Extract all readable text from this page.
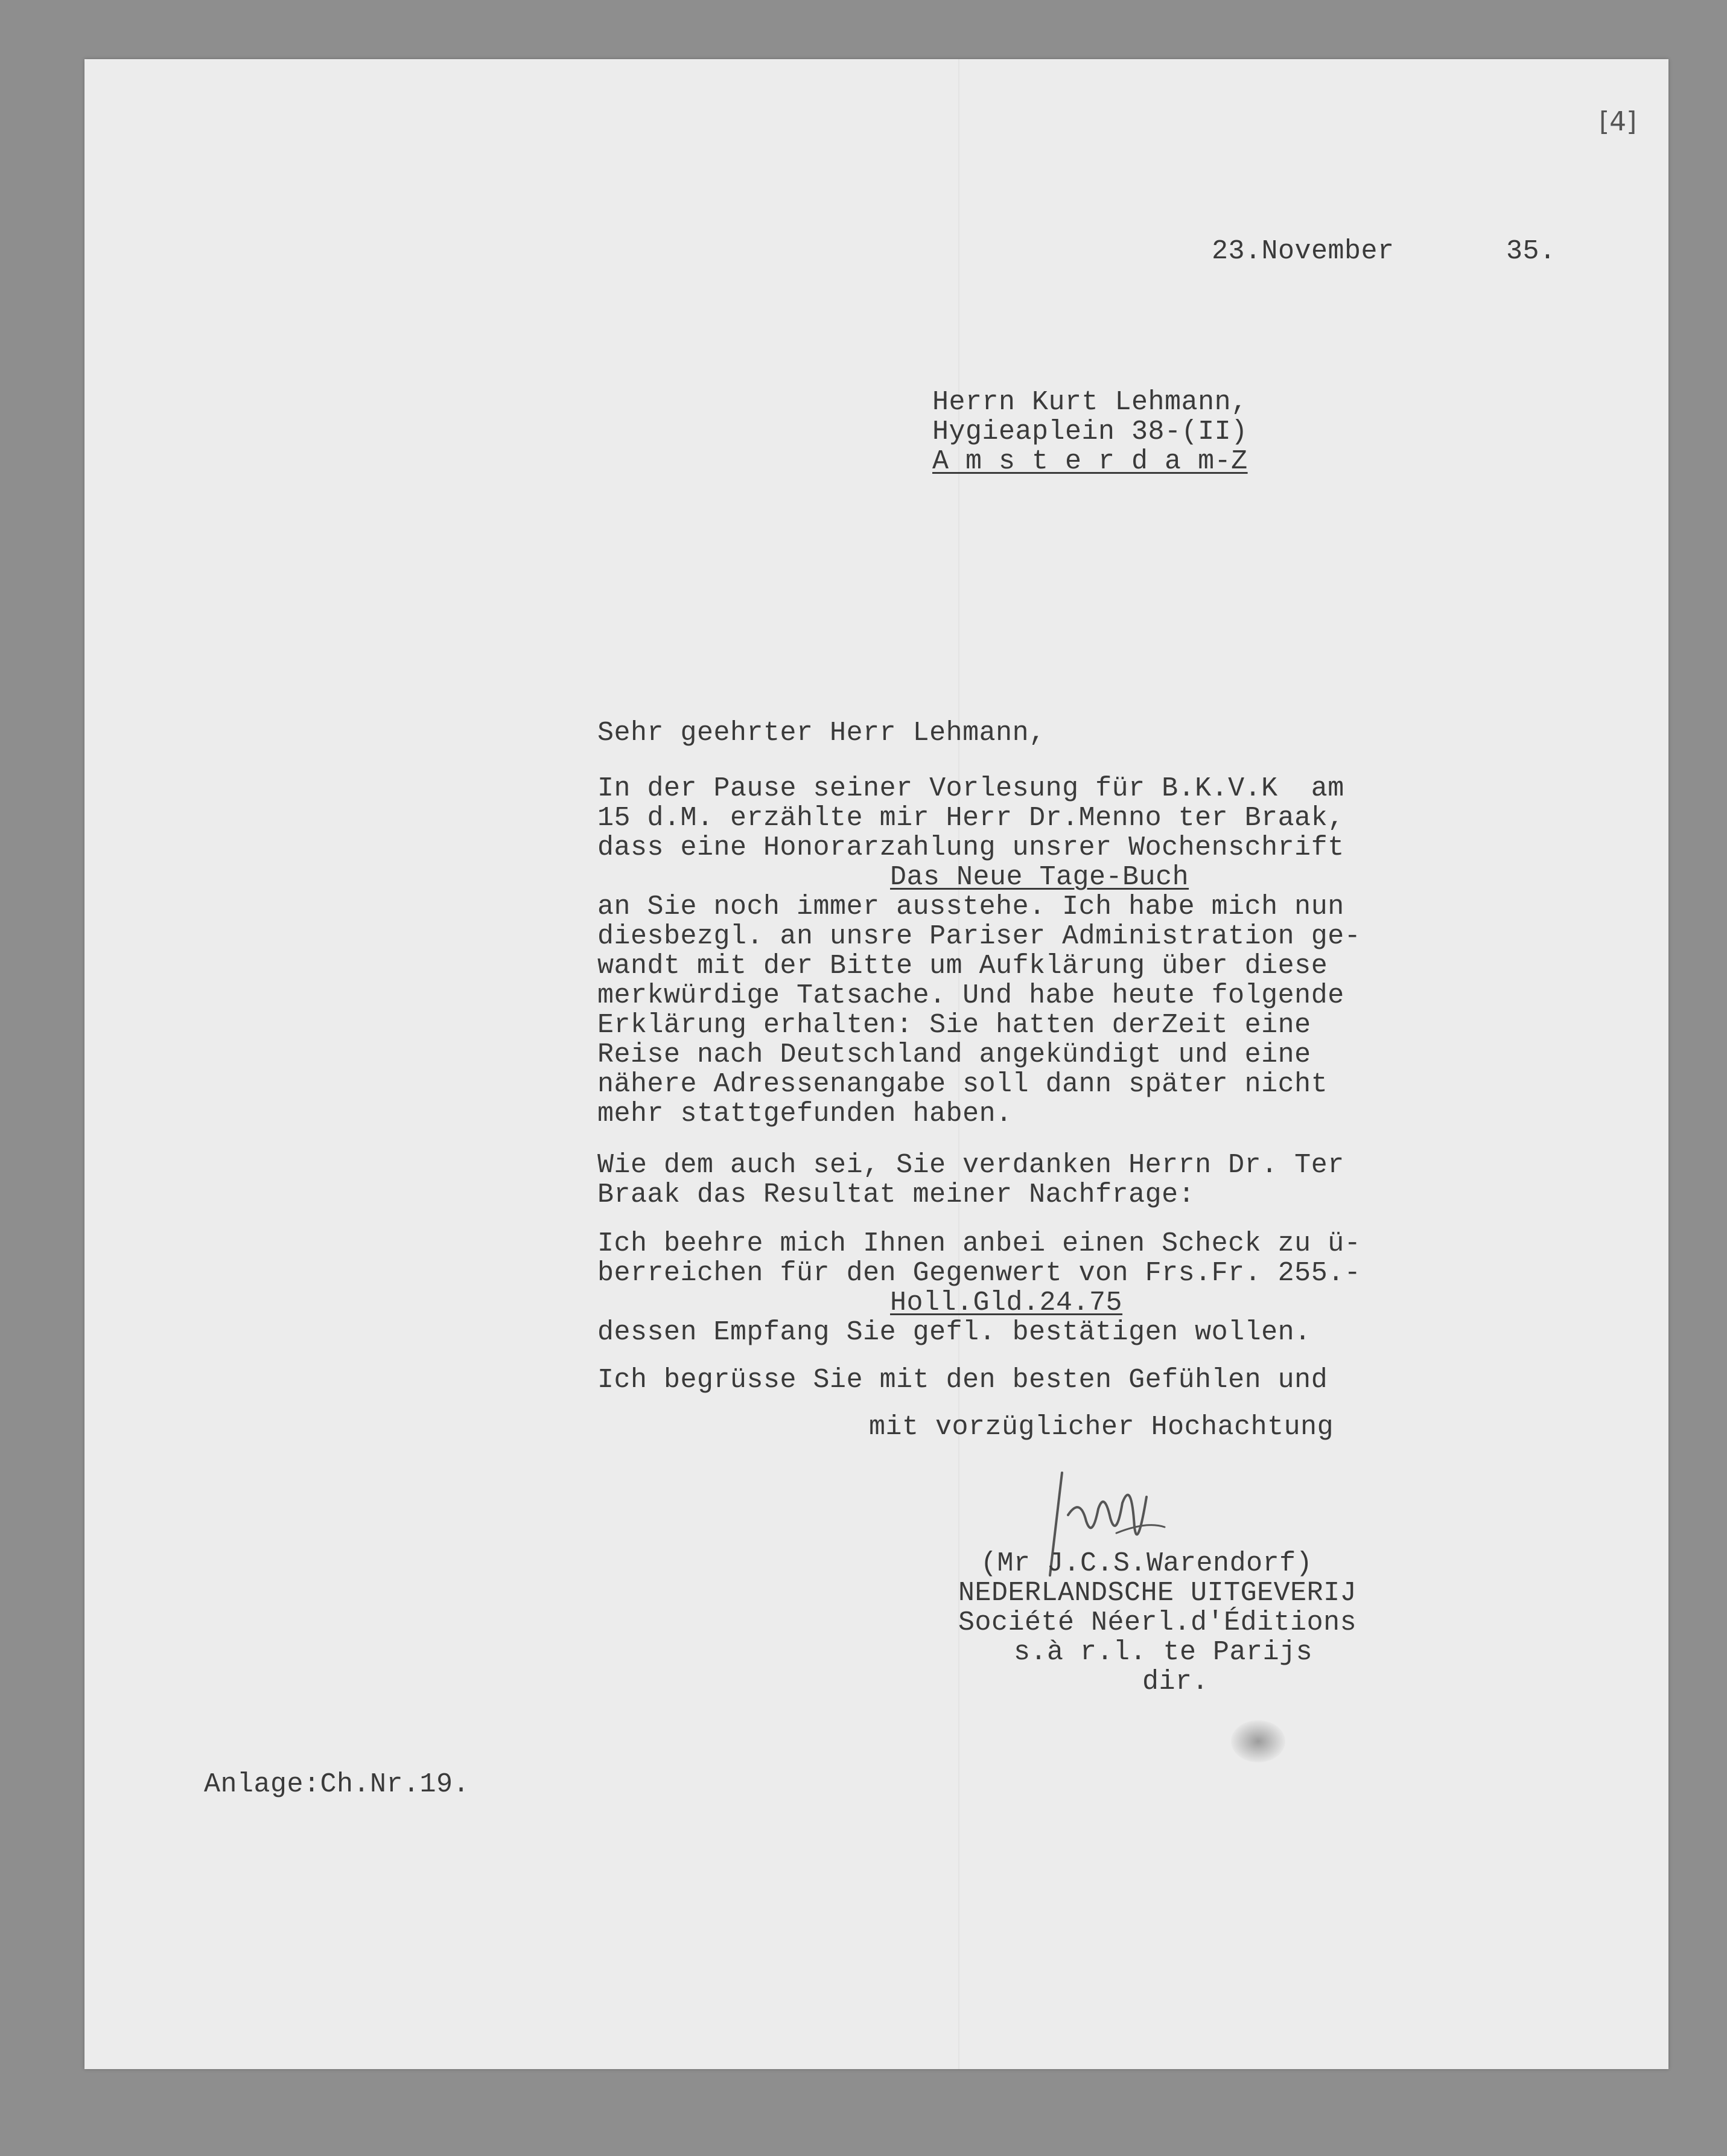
[4]
23.November	35.
Herrn Kurt Lehmann,
Hygieaplein 38-(II)
A m s t e r d a m-Z
Sehr geehrter Herr Lehmann,
In der Pause seiner Vorlesung für B.K.V.K  am
15 d.M. erzählte mir Herr Dr.Menno ter Braak,
dass eine Honorarzahlung unsrer Wochenschrift
Das Neue Tage-Buch
an Sie noch immer ausstehe. Ich habe mich nun
diesbezgl. an unsre Pariser Administration ge-
wandt mit der Bitte um Aufklärung über diese
merkwürdige Tatsache. Und habe heute folgende
Erklärung erhalten: Sie hatten derZeit eine
Reise nach Deutschland angekündigt und eine
nähere Adressenangabe soll dann später nicht
mehr stattgefunden haben.
Wie dem auch sei, Sie verdanken Herrn Dr. Ter
Braak das Resultat meiner Nachfrage:
Ich beehre mich Ihnen anbei einen Scheck zu ü-
berreichen für den Gegenwert von Frs.Fr. 255.-
Holl.Gld.24.75
dessen Empfang Sie gefl. bestätigen wollen.
Ich begrüsse Sie mit den besten Gefühlen und
mit vorzüglicher Hochachtung
(Mr J.C.S.Warendorf)
NEDERLANDSCHE UITGEVERIJ
Société Néerl.d'Éditions
s.à r.l. te Parijs
dir.
Anlage:Ch.Nr.19.
